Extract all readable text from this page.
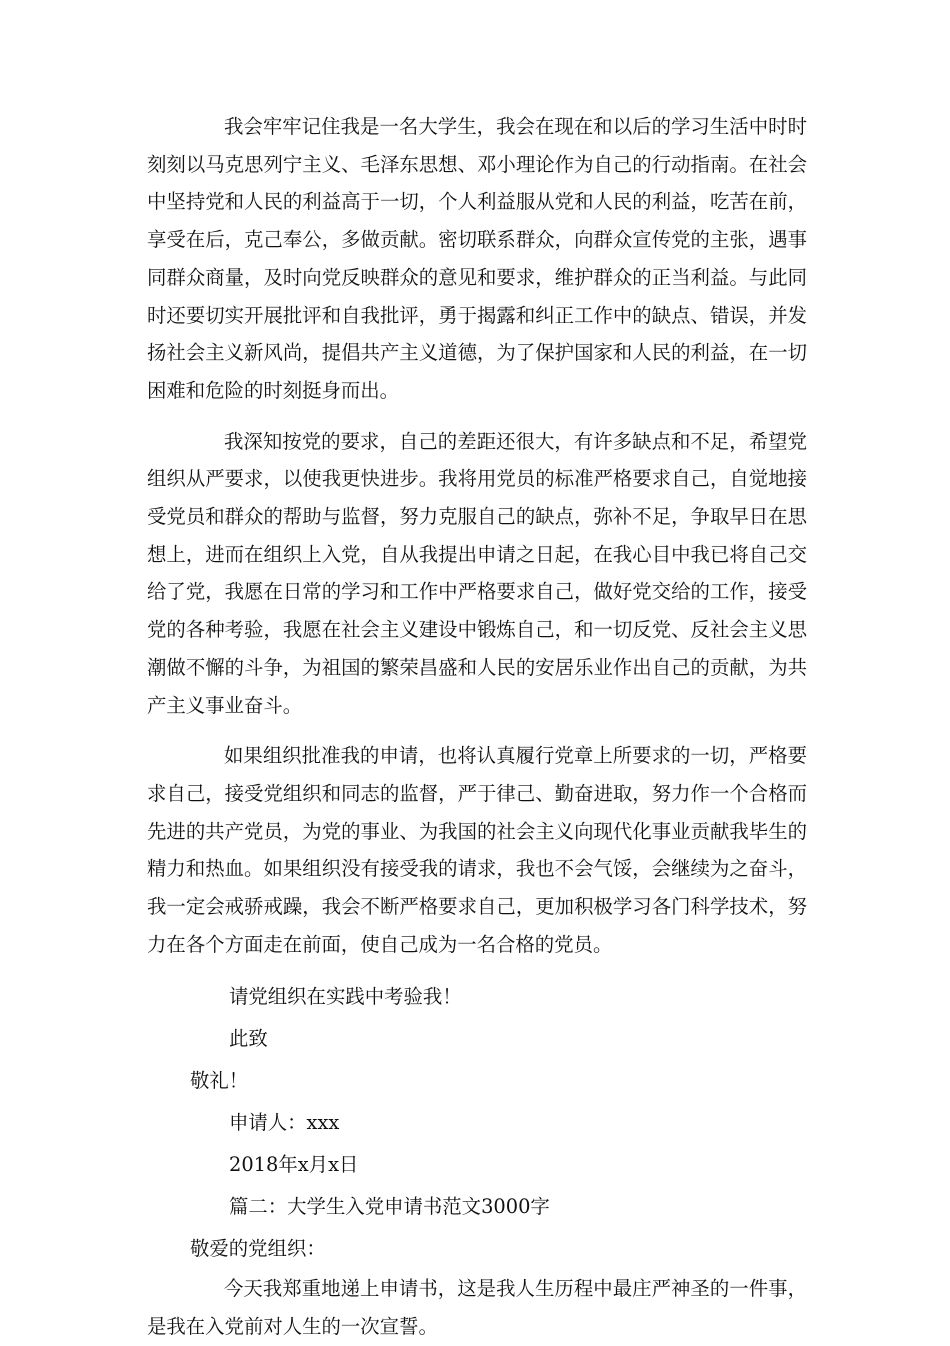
我会牢牢记住我是一名大学生，我会在现在和以后的学习生活中时时刻刻以马克思列宁主义、毛泽东思想、邓小理论作为自己的行动指南。在社会中坚持党和人民的利益高于一切，个人利益服从党和人民的利益，吃苦在前，享受在后，克己奉公，多做贡献。密切联系群众，向群众宣传党的主张，遇事同群众商量，及时向党反映群众的意见和要求，维护群众的正当利益。与此同时还要切实开展批评和自我批评，勇于揭露和纠正工作中的缺点、错误，并发扬社会主义新风尚，提倡共产主义道德，为了保护国家和人民的利益，在一切困难和危险的时刻挺身而出。

我深知按党的要求，自己的差距还很大，有许多缺点和不足，希望党组织从严要求，以使我更快进步。我将用党员的标准严格要求自己，自觉地接受党员和群众的帮助与监督，努力克服自己的缺点，弥补不足，争取早日在思想上，进而在组织上入党，自从我提出申请之日起，在我心目中我已将自己交给了党，我愿在日常的学习和工作中严格要求自己，做好党交给的工作，接受党的各种考验，我愿在社会主义建设中锻炼自己，和一切反党、反社会主义思潮做不懈的斗争，为祖国的繁荣昌盛和人民的安居乐业作出自己的贡献，为共产主义事业奋斗。

如果组织批准我的申请，也将认真履行党章上所要求的一切，严格要求自己，接受党组织和同志的监督，严于律己、勤奋进取，努力作一个合格而先进的共产党员，为党的事业、为我国的社会主义向现代化事业贡献我毕生的精力和热血。如果组织没有接受我的请求，我也不会气馁，会继续为之奋斗，我一定会戒骄戒躁，我会不断严格要求自己，更加积极学习各门科学技术，努力在各个方面走在前面，使自己成为一名合格的党员。

请党组织在实践中考验我！
此致
敬礼！
申请人：xxx
2018年x月x日
篇二：大学生入党申请书范文3000字
敬爱的党组织：

今天我郑重地递上申请书，这是我人生历程中最庄严神圣的一件事，是我在入党前对人生的一次宣誓。
